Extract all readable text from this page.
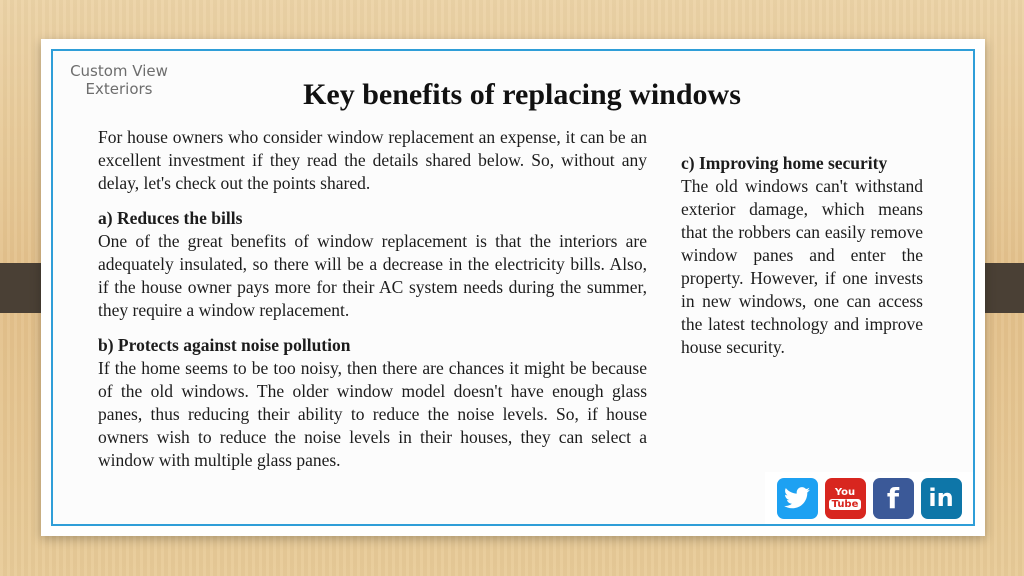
Custom View
Exteriors	Key benefits of replacing windows

For house owners who consider window replacement an expense, it can be an excellent investment if they read the details shared below. So, without any delay, let's check out the points shared.

a) Reduces the bills
One of the great benefits of window replacement is that the interiors are adequately insulated, so there will be a decrease in the electricity bills. Also, if the house owner pays more for their AC system needs during the summer, they require a window replacement.

b) Protects against noise pollution
If the home seems to be too noisy, then there are chances it might be because of the old windows. The older window model doesn't have enough glass panes, thus reducing their ability to reduce the noise levels. So, if house owners wish to reduce the noise levels in their houses, they can select a window with multiple glass panes.

c) Improving home security
The old windows can't withstand exterior damage, which means that the robbers can easily remove window panes and enter the property. However, if one invests in new windows, one can access the latest technology and improve house security.

You
Tube f in
